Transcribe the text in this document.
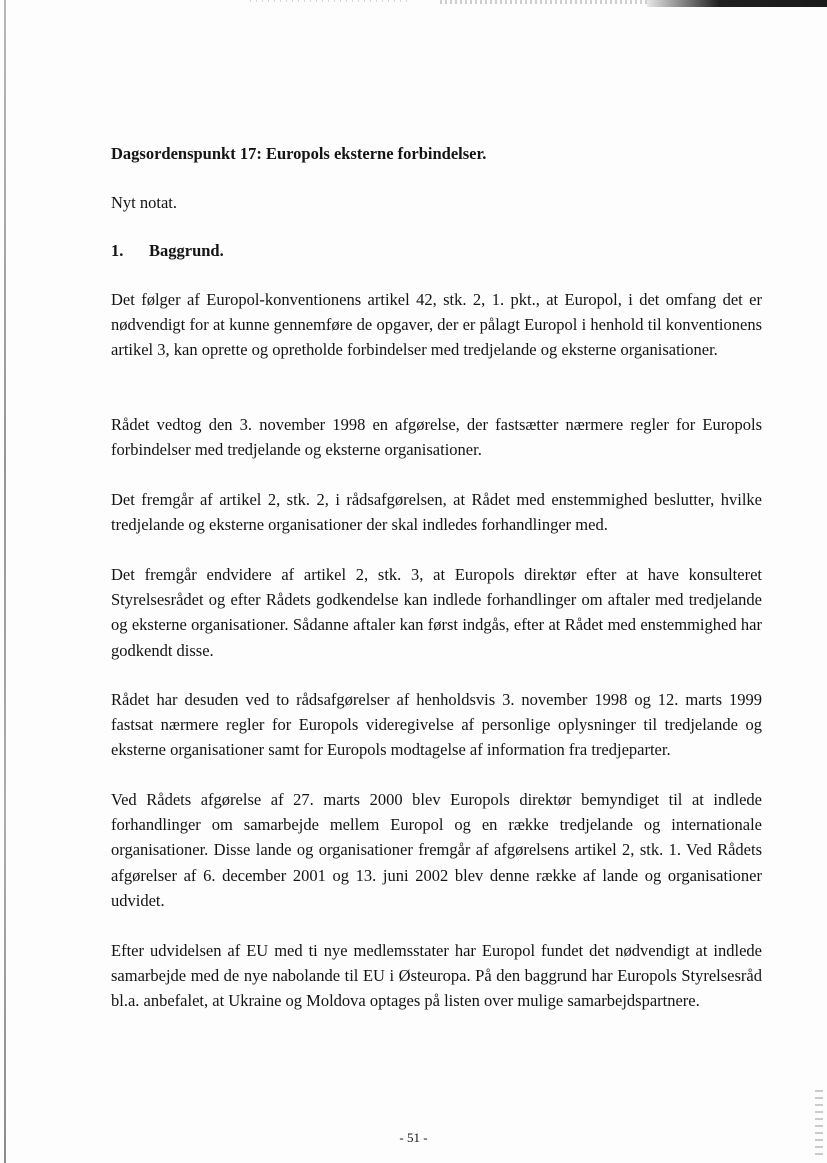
Dagsordenspunkt 17: Europols eksterne forbindelser.
Nyt notat.
1. Baggrund.
Det følger af Europol-konventionens artikel 42, stk. 2, 1. pkt., at Europol, i det omfang det er nødvendigt for at kunne gennemføre de opgaver, der er pålagt Europol i henhold til konventionens artikel 3, kan oprette og opretholde forbindelser med tredjelande og eksterne organisationer.
Rådet vedtog den 3. november 1998 en afgørelse, der fastsætter nærmere regler for Europols forbindelser med tredjelande og eksterne organisationer.
Det fremgår af artikel 2, stk. 2, i rådsafgørelsen, at Rådet med enstemmighed beslutter, hvilke tredjelande og eksterne organisationer der skal indledes forhandlinger med.
Det fremgår endvidere af artikel 2, stk. 3, at Europols direktør efter at have konsulteret Styrelsesrådet og efter Rådets godkendelse kan indlede forhandlinger om aftaler med tredjelande og eksterne organisationer. Sådanne aftaler kan først indgås, efter at Rådet med enstemmighed har godkendt disse.
Rådet har desuden ved to rådsafgørelser af henholdsvis 3. november 1998 og 12. marts 1999 fastsat nærmere regler for Europols videregivelse af personlige oplysninger til tredjelande og eksterne organisationer samt for Europols modtagelse af information fra tredjeparter.
Ved Rådets afgørelse af 27. marts 2000 blev Europols direktør bemyndiget til at indlede forhandlinger om samarbejde mellem Europol og en række tredjelande og internationale organisationer. Disse lande og organisationer fremgår af afgørelsens artikel 2, stk. 1. Ved Rådets afgørelser af 6. december 2001 og 13. juni 2002 blev denne række af lande og organisationer udvidet.
Efter udvidelsen af EU med ti nye medlemsstater har Europol fundet det nødvendigt at indlede samarbejde med de nye nabolande til EU i Østeuropa. På den baggrund har Europols Styrelsesråd bl.a. anbefalet, at Ukraine og Moldova optages på listen over mulige samarbejdspartnere.
- 51 -
